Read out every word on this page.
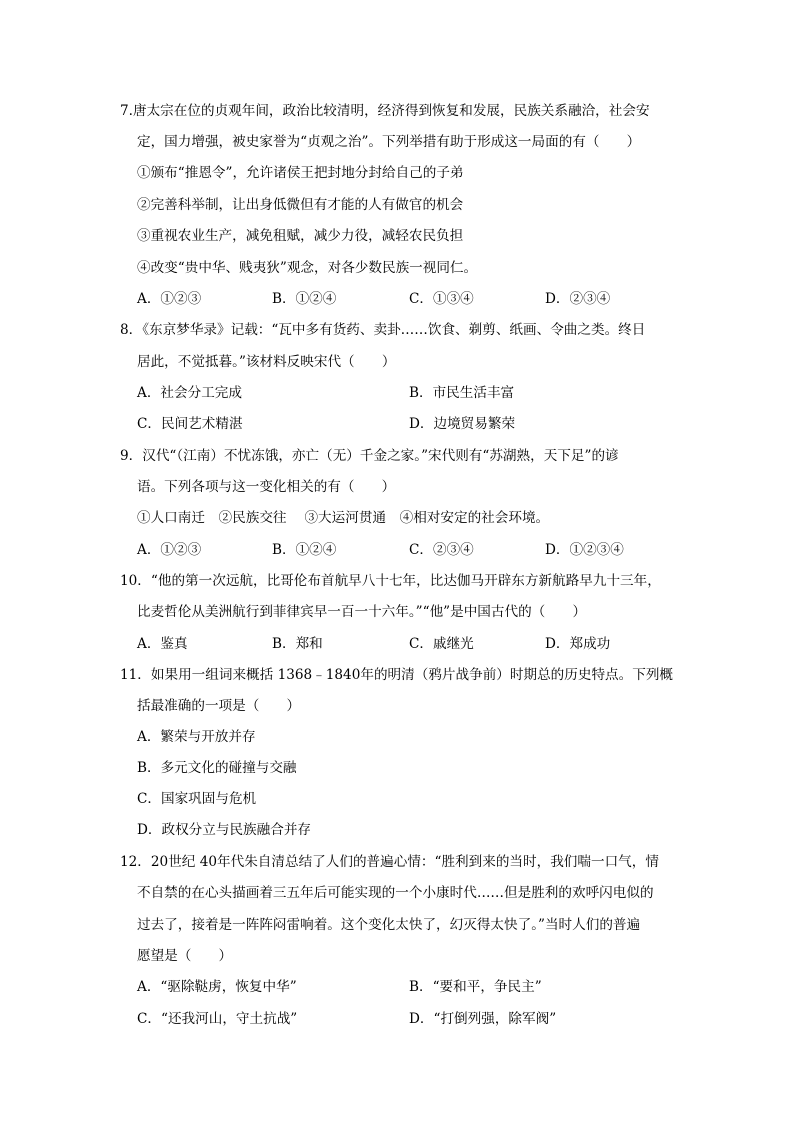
7.唐太宗在位的贞观年间，政治比较清明，经济得到恢复和发展，民族关系融洽，社会安
定，国力增强，被史家誉为“贞观之治”。下列举措有助于形成这一局面的有（　　）
①颁布“推恩令”，允许诸侯王把封地分封给自己的子弟
②完善科举制，让出身低微但有才能的人有做官的机会
③重视农业生产，减免租赋，减少力役，减轻农民负担
④改变“贵中华、贱夷狄”观念，对各少数民族一视同仁。
A．①②③	B．①②④	C．①③④	D．②③④
8．《东京梦华录》记载：“瓦中多有货药、卖卦……饮食、剃剪、纸画、令曲之类。终日
居此，不觉抵暮。”该材料反映宋代（　　）
A．社会分工完成	B．市民生活丰富
C．民间艺术精湛	D．边境贸易繁荣
9．汉代“（江南）不忧冻饿，亦亡（无）千金之家。”宋代则有“苏湖熟，天下足”的谚
语。下列各项与这一变化相关的有（　　）
①人口南迁　②民族交往　 ③大运河贯通　④相对安定的社会环境。
A．①②③	B．①②④	C．②③④	D．①②③④
10．“他的第一次远航，比哥伦布首航早八十七年，比达伽马开辟东方新航路早九十三年，
比麦哲伦从美洲航行到菲律宾早一百一十六年。”“他”是中国古代的（　　）
A．鉴真	B．郑和	C．戚继光	D．郑成功
11．如果用一组词来概括 1368﹣1840年的明清（鸦片战争前）时期总的历史特点。下列概
括最准确的一项是（　　）
A．繁荣与开放并存
B．多元文化的碰撞与交融
C．国家巩固与危机
D．政权分立与民族融合并存
12．20世纪 40年代朱自清总结了人们的普遍心情：“胜利到来的当时，我们喘一口气，情
不自禁的在心头描画着三五年后可能实现的一个小康时代……但是胜利的欢呼闪电似的
过去了，接着是一阵阵闷雷响着。这个变化太快了，幻灭得太快了。”当时人们的普遍
愿望是（　　）
A．“驱除鞑虏，恢复中华”	B．“要和平，争民主”
C．“还我河山，守土抗战”	D．“打倒列强，除军阀”
